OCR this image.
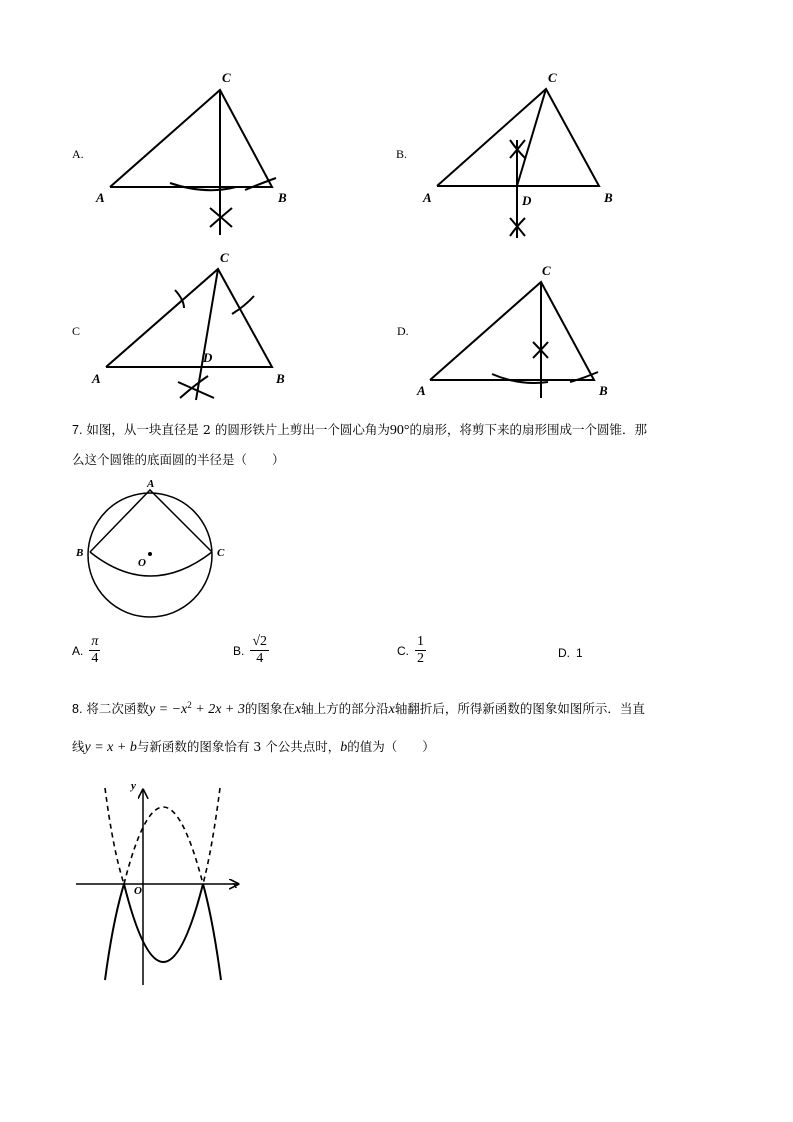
A.
C
A	B
B.
C
A	D	B
C
C
D
A	B
D.
C
A	B
7. 如图，从一块直径是 2 的圆形铁片上剪出一个圆心角为90°的扇形，将剪下来的扇形围成一个圆锥．那
么这个圆锥的底面圆的半径是（　　）
A
B	C
O
A. $\frac{\pi}{4}$	B. $\frac{√2}{4}$	C. $\frac{1}{2}$	D. 1
8. 将二次函数$y = -x^2 + 2x + 3$的图象在x轴上方的部分沿x轴翻折后，所得新函数的图象如图所示．当直
线y = x + b与新函数的图象恰有 3 个公共点时，b的值为（　　）
y
x
O
